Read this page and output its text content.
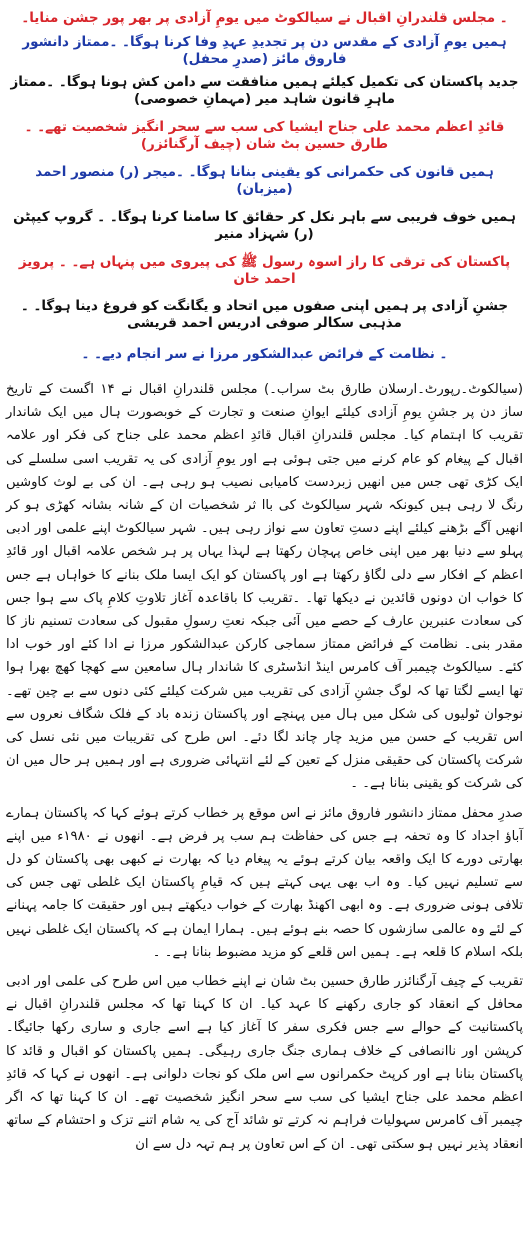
۔ مجلس قلندرانِ اقبال نے سیالکوٹ میں یومِ آزادی پر بھر پور جشن منایا۔

ہمیں یومِ آزادی کے مقدس دن پر تجدیدِ عہدِ وفا کرنا ہوگا۔ ۔ممتاز دانشور فاروق مائز (صدرِ محفل)

جدید پاکستان کی تکمیل کیلئے ہمیں منافقت سے دامن کش ہونا ہوگا۔ ۔ممتاز ماہرِ قانون شاہد میر (مہمانِ خصوصی)

قائدِ اعظم محمد علی جناح ایشیا کی سب سے سحر انگیز شخصیت تھے۔ ۔طارق حسین بٹ شان (چیف آرگنائزر)

ہمیں قانون کی حکمرانی کو یقینی بنانا ہوگا۔ ۔میجر (ر) منصور احمد (میزبان)

ہمیں خوف فریبی سے باہر نکل کر حقائق کا سامنا کرنا ہوگا۔ ۔ گروپ کیپٹن (ر) شہزاد منیر

پاکستان کی ترقی کا راز اسوہ رسول ﷺ کی پیروی میں پنہاں ہے۔ ۔ پرویز احمد خان

جشنِ آزادی پر ہمیں اپنی صفوں میں اتحاد و یگانگت کو فروغ دینا ہوگا۔ ۔ مذہبی سکالر صوفی ادریس احمد قریشی

۔ نظامت کے فرائض عبدالشکور مرزا نے سر انجام دیے۔ ۔

(سیالکوٹ۔رپورٹ۔ارسلان طارق بٹ سراب۔) مجلس قلندرانِ اقبال نے ۱۴ اگست کے تاریخ ساز دن پر جشنِ یومِ آزادی کیلئے ایوانِ صنعت و تجارت کے خوبصورت ہال میں ایک شاندار تقریب کا اہتمام کیا۔ مجلس قلندرانِ اقبال قائدِ اعظم محمد علی جناح کی فکر اور علامہ اقبال کے پیغام کو عام کرنے میں جتی ہوئی ہے اور یومِ آزادی کی یہ تقریب اسی سلسلے کی ایک کڑی تھی جس میں انھیں زبردست کامیابی نصیب ہو رہی ہے۔ ان کی بے لوث کاوشیں رنگ لا رہی ہیں کیونکہ شہر سیالکوٹ کی باا ثر شخصیات ان کے شانہ بشانہ کھڑی ہو کر انھیں آگے بڑھنے کیلئے اپنے دستِ تعاون سے نواز رہی ہیں۔ شہر سیالکوٹ اپنے علمی اور ادبی پہلو سے دنیا بھر میں اپنی خاص پہچان رکھتا ہے لہذا یہاں پر ہر شخص علامہ اقبال اور قائدِ اعظم کے افکار سے دلی لگاؤ رکھتا ہے اور پاکستان کو ایک ایسا ملک بنانے کا خواہاں ہے جس کا خواب ان دونوں قائدین نے دیکھا تھا۔ ۔تقریب کا باقاعدہ آغاز تلاوتِ کلامِ پاک سے ہوا جس کی سعادت عنبرین عارف کے حصے میں آئی جبکہ نعتِ رسولِ مقبول کی سعادت تسنیم ناز کا مقدر بنی۔ نظامت کے فرائض ممتاز سماجی کارکن عبدالشکور مرزا نے ادا کئے اور خوب ادا کئے۔ سیالکوٹ چیمبر آف کامرس اینڈ انڈسٹری کا شاندار ہال سامعین سے کھچا کھچ بھرا ہوا تھا ایسے لگتا تھا کہ لوگ جشنِ آزادی کی تقریب میں شرکت کیلئے کئی دنوں سے بے چین تھے۔ نوجوان ٹولیوں کی شکل میں ہال میں پہنچے اور پاکستان زندہ باد کے فلک شگاف نعروں سے اس تقریب کے حسن میں مزید چار چاند لگا دئے۔ اس طرح کی تقریبات میں نئی نسل کی شرکت پاکستان کی حقیقی منزل کے تعین کے لئے انتہائی ضروری ہے اور ہمیں ہر حال میں ان کی شرکت کو یقینی بنانا ہے۔ ۔

صدرِ محفل ممتاز دانشور فاروق مائز نے اس موقع پر خطاب کرتے ہوئے کہا کہ پاکستان ہمارے آباؤ اجداد کا وہ تحفہ ہے جس کی حفاظت ہم سب پر فرض ہے۔ انھوں نے ۱۹۸۰ء میں اپنے بھارتی دورے کا ایک واقعہ بیان کرتے ہوئے یہ پیغام دیا کہ بھارت نے کبھی بھی پاکستان کو دل سے تسلیم نہیں کیا۔ وہ اب بھی یہی کہتے ہیں کہ قیامِ پاکستان ایک غلطی تھی جس کی تلافی ہونی ضروری ہے۔ وہ ابھی اکھنڈ بھارت کے خواب دیکھتے ہیں اور حقیقت کا جامہ پہنانے کے لئے وہ عالمی سازشوں کا حصہ بنے ہوئے ہیں۔ ہمارا ایمان ہے کہ پاکستان ایک غلطی نہیں بلکہ اسلام کا قلعہ ہے۔ ہمیں اس قلعے کو مزید مضبوط بنانا ہے۔ ۔

تقریب کے چیف آرگنائزر طارق حسین بٹ شان نے اپنے خطاب میں اس طرح کی علمی اور ادبی محافل کے انعقاد کو جاری رکھنے کا عہد کیا۔ ان کا کہنا تھا کہ مجلس قلندرانِ اقبال نے پاکستانیت کے حوالے سے جس فکری سفر کا آغاز کیا ہے اسے جاری و ساری رکھا جائیگا۔ کرپشن اور ناانصافی کے خلاف ہماری جنگ جاری رہیگی۔ ہمیں پاکستان کو اقبال و قائد کا پاکستان بنانا ہے اور کرپٹ حکمرانوں سے اس ملک کو نجات دلوانی ہے۔ انھوں نے کہا کہ قائدِ اعظم محمد علی جناح ایشیا کی سب سے سحر انگیز شخصیت تھے۔ ان کا کہنا تھا کہ اگر چیمبر آف کامرس سہولیات فراہم نہ کرتے تو شائد آج کی یہ شام اتنے تزک و احتشام کے ساتھ انعقاد پذیر نہیں ہو سکتی تھی۔ ان کے اس تعاون پر ہم تہہ دل سے ان
